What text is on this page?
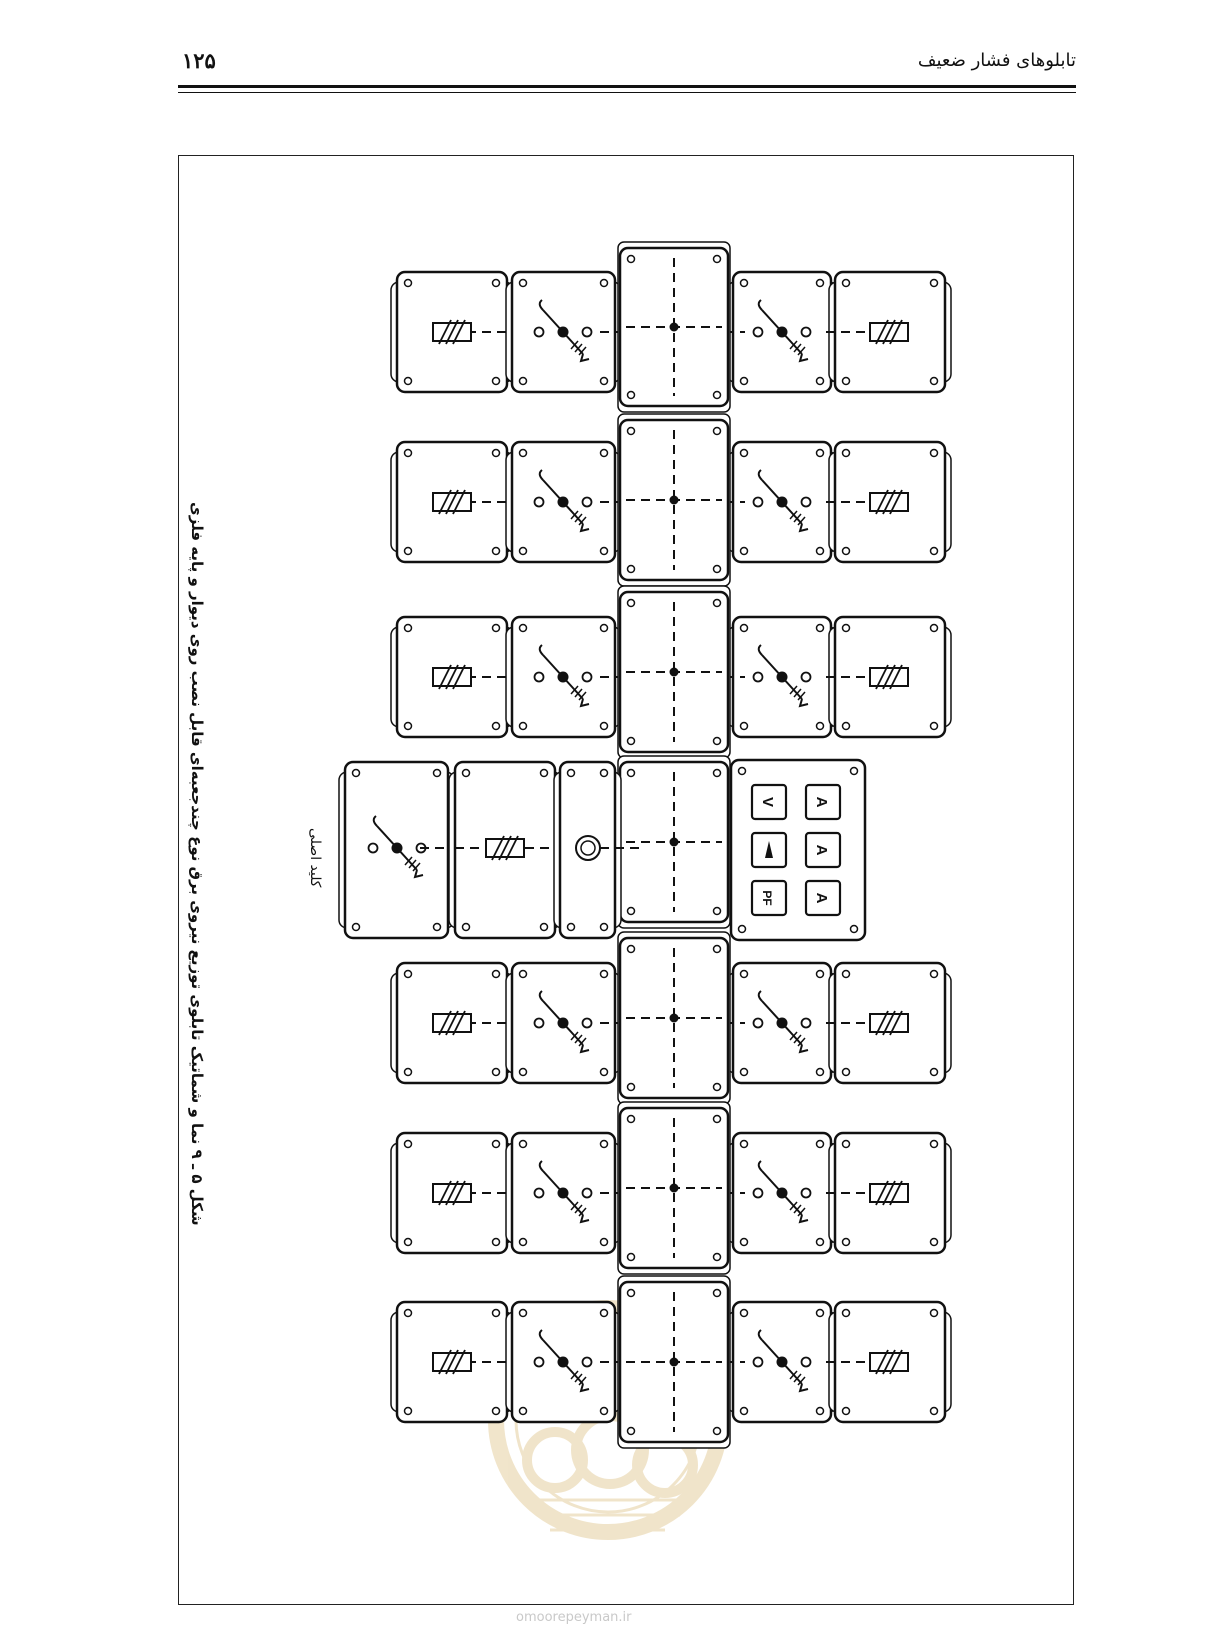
تابلوهای فشار ضعیف
۱۲۵
A
A
A
V
PF
شکل ۵ ـ ۹ نما و شماتیک تابلوی توزیع نیروی برق نوع چندجعبه‌ای قابل نصب روی دیوار و پایه فلزی
کلید اصلی
omoorepeyman.ir
